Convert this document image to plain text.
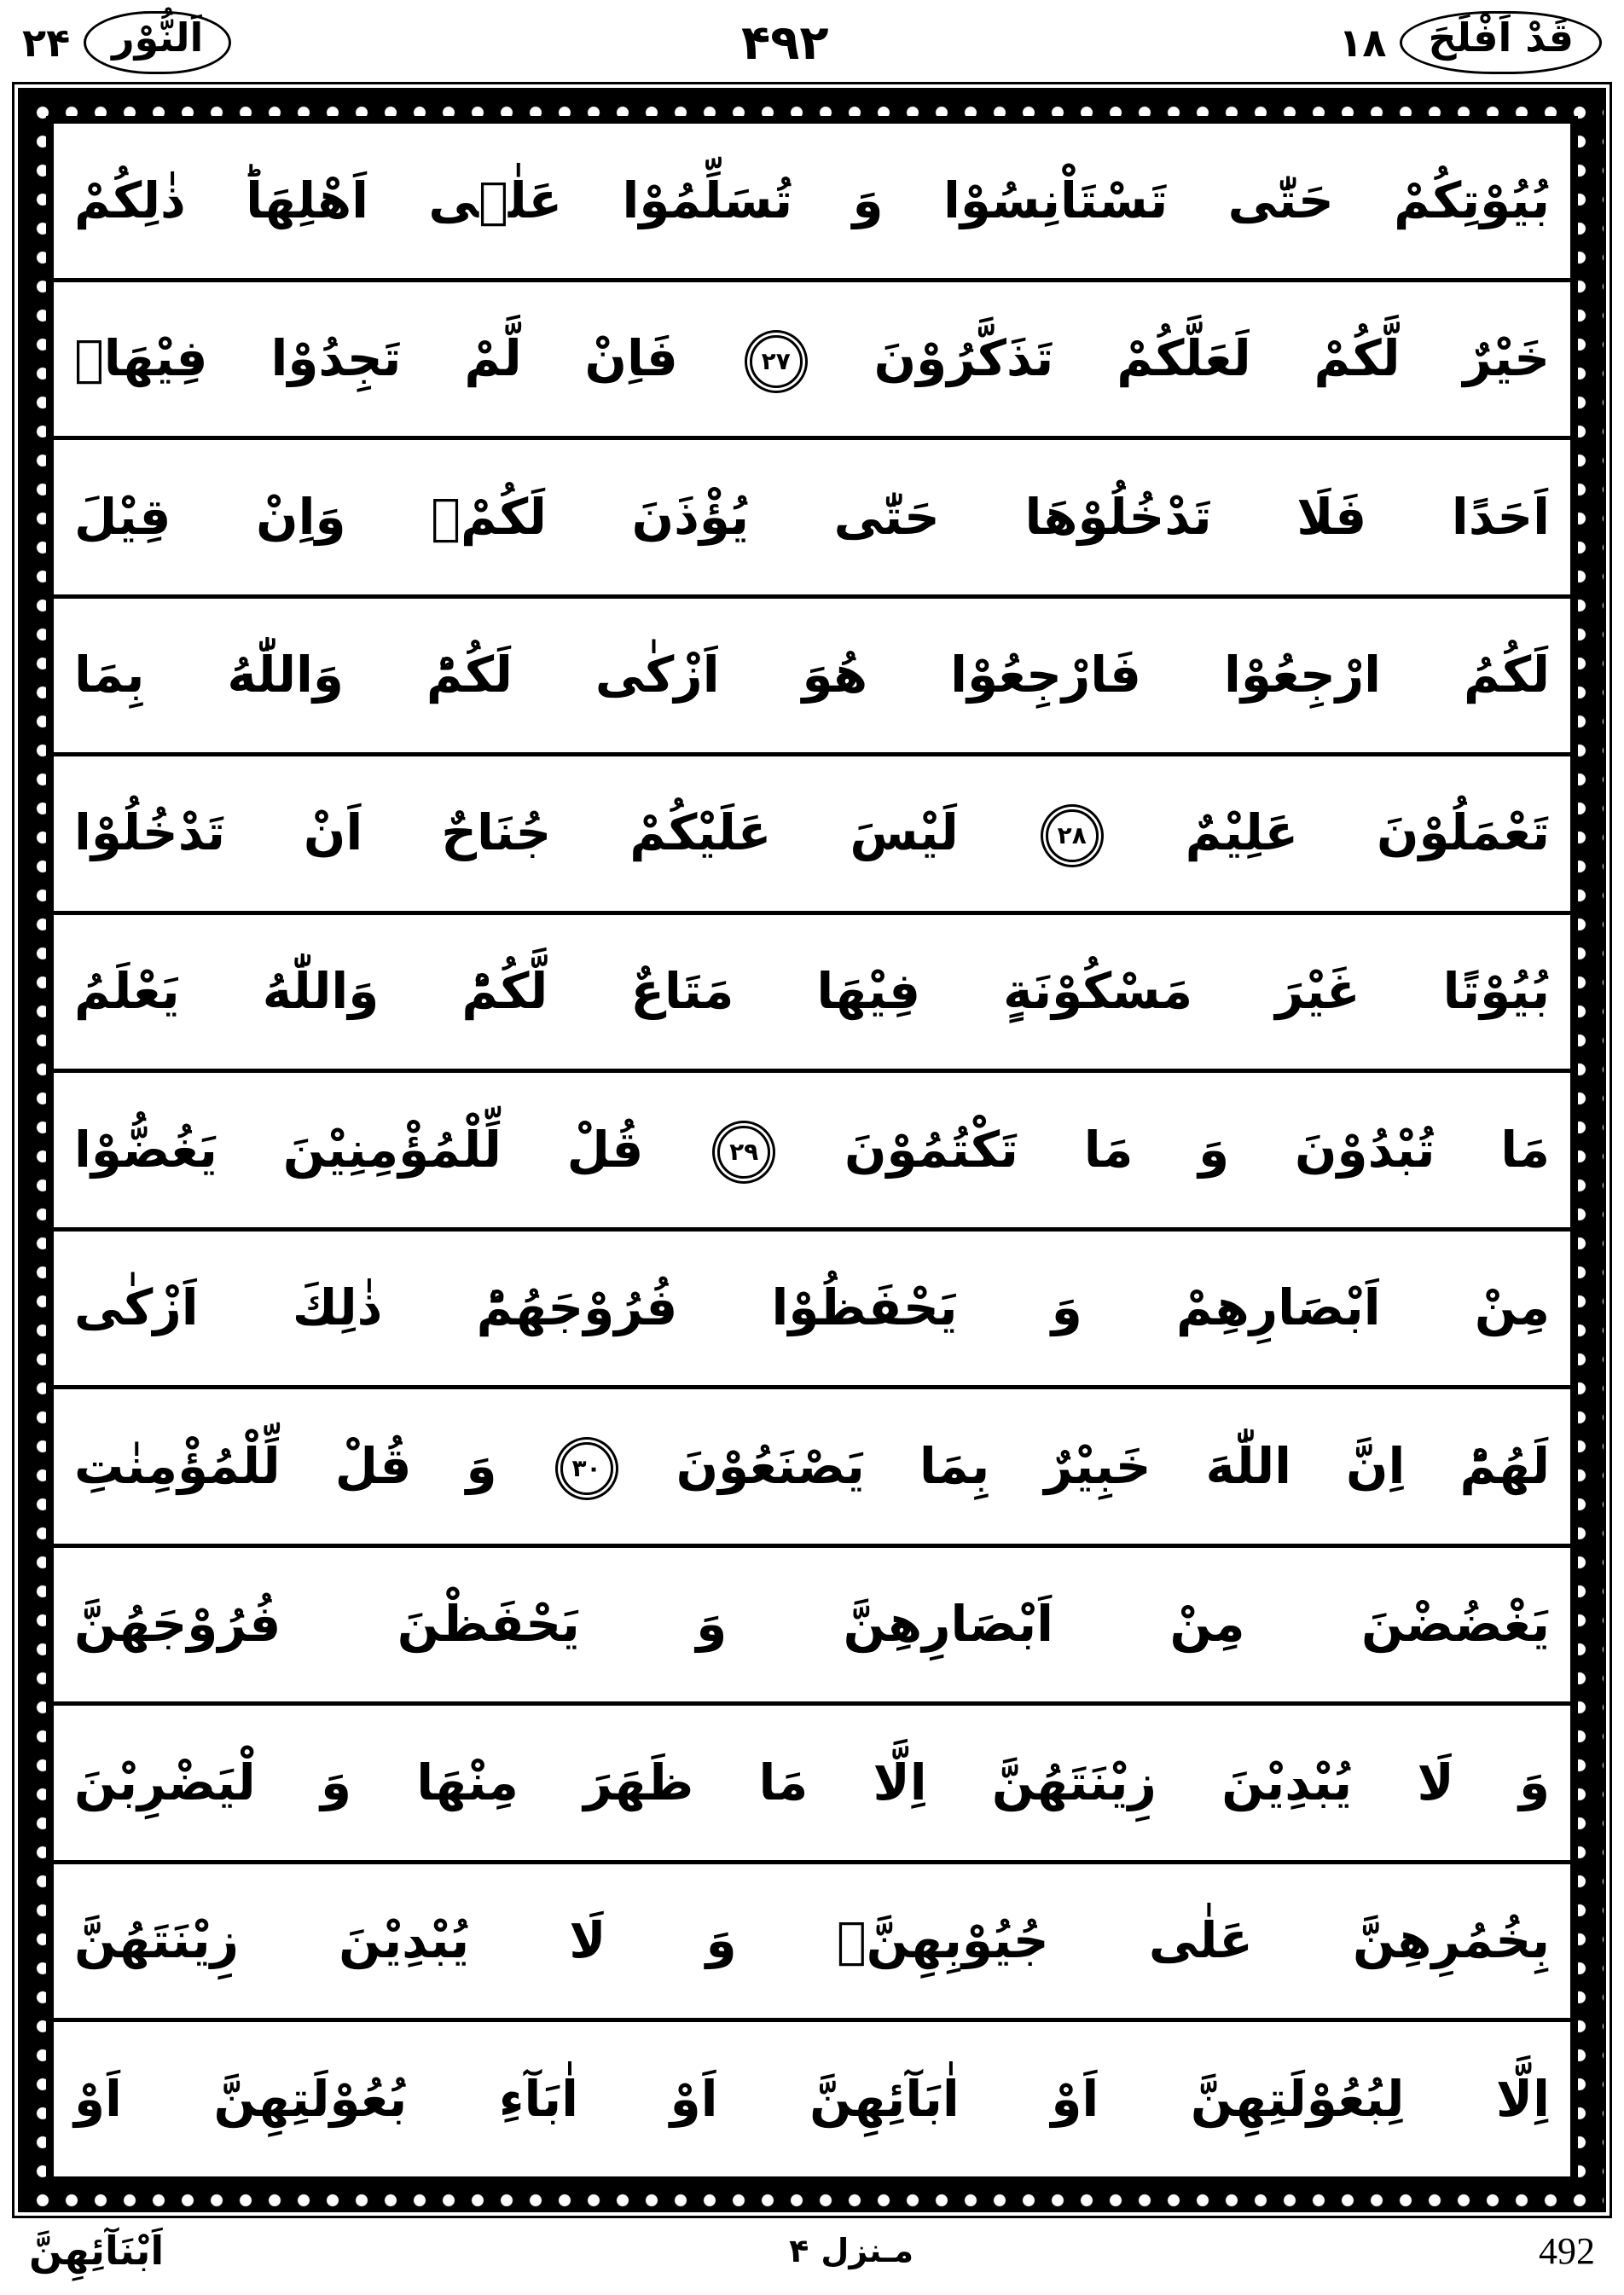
قَدْ اَفْلَحَ
۱۸
۴۹۲
اَلنُّوْر
۲۴
بُيُوْتِكُمْ حَتّٰى تَسْتَاْنِسُوْا وَ تُسَلِّمُوْا عَلٰۤى اَهْلِهَاؕ ذٰلِكُمْ
خَيْرٌ لَّكُمْ لَعَلَّكُمْ تَذَكَّرُوْنَ ۲۷ فَاِنْ لَّمْ تَجِدُوْا فِيْهَاۤ
اَحَدًا فَلَا تَدْخُلُوْهَا حَتّٰى يُؤْذَنَ لَكُمْۚ وَاِنْ قِيْلَ
لَكُمُ ارْجِعُوْا فَارْجِعُوْا هُوَ اَزْكٰى لَكُمْؕ وَاللّٰهُ بِمَا
تَعْمَلُوْنَ عَلِيْمٌ ۲۸ لَيْسَ عَلَيْكُمْ جُنَاحٌ اَنْ تَدْخُلُوْا
بُيُوْتًا غَيْرَ مَسْكُوْنَةٍ فِيْهَا مَتَاعٌ لَّكُمْؕ وَاللّٰهُ يَعْلَمُ
مَا تُبْدُوْنَ وَ مَا تَكْتُمُوْنَ ۲۹ قُلْ لِّلْمُؤْمِنِيْنَ يَغُضُّوْا
مِنْ اَبْصَارِهِمْ وَ يَحْفَظُوْا فُرُوْجَهُمْؕ ذٰلِكَ اَزْكٰى
لَهُمْؕ اِنَّ اللّٰهَ خَبِيْرٌ بِمَا يَصْنَعُوْنَ ۳۰ وَ قُلْ لِّلْمُؤْمِنٰتِ
يَغْضُضْنَ مِنْ اَبْصَارِهِنَّ وَ يَحْفَظْنَ فُرُوْجَهُنَّ
وَ لَا يُبْدِيْنَ زِيْنَتَهُنَّ اِلَّا مَا ظَهَرَ مِنْهَا وَ لْيَضْرِبْنَ
بِخُمُرِهِنَّ عَلٰى جُيُوْبِهِنَّۖ وَ لَا يُبْدِيْنَ زِيْنَتَهُنَّ
اِلَّا لِبُعُوْلَتِهِنَّ اَوْ اٰبَآئِهِنَّ اَوْ اٰبَآءِ بُعُوْلَتِهِنَّ اَوْ
اَبْنَآئِهِنَّ	مـنزل
۴	492
